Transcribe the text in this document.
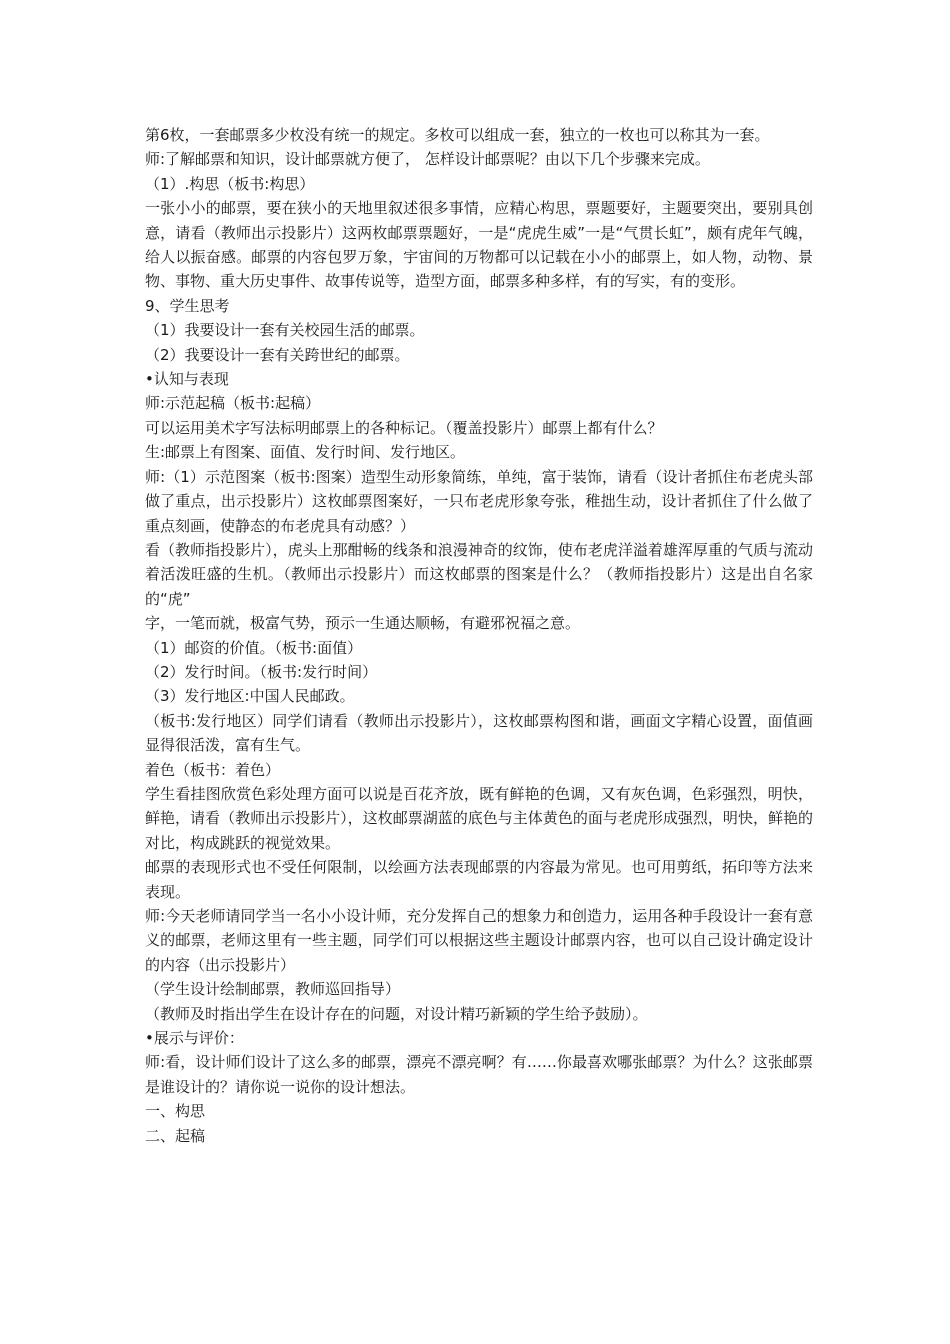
第6枚，一套邮票多少枚没有统一的规定。多枚可以组成一套，独立的一枚也可以称其为一套。

师:了解邮票和知识，设计邮票就方便了， 怎样设计邮票呢？由以下几个步骤来完成。

（1）.构思（板书:构思）

一张小小的邮票，要在狭小的天地里叙述很多事情，应精心构思，票题要好，主题要突出，要别具创意，请看（教师出示投影片）这两枚邮票票题好，一是“虎虎生威”一是“气贯长虹”，颇有虎年气魄，给人以振奋感。邮票的内容包罗万象，宇宙间的万物都可以记载在小小的邮票上，如人物，动物、景物、事物、重大历史事件、故事传说等，造型方面，邮票多种多样，有的写实，有的变形。

9、学生思考

（1）我要设计一套有关校园生活的邮票。

（2）我要设计一套有关跨世纪的邮票。

•认知与表现

师:示范起稿（板书:起稿）

可以运用美术字写法标明邮票上的各种标记。（覆盖投影片）邮票上都有什么？

生:邮票上有图案、面值、发行时间、发行地区。

师:（1）示范图案（板书:图案）造型生动形象简练，单纯，富于装饰，请看（设计者抓住布老虎头部做了重点，出示投影片）这枚邮票图案好，一只布老虎形象夸张，稚拙生动，设计者抓住了什么做了重点刻画，使静态的布老虎具有动感？）

看（教师指投影片），虎头上那酣畅的线条和浪漫神奇的纹饰，使布老虎洋溢着雄浑厚重的气质与流动着活泼旺盛的生机。（教师出示投影片）而这枚邮票的图案是什么？（教师指投影片）这是出自名家的“虎”

字，一笔而就，极富气势，预示一生通达顺畅，有避邪祝福之意。

（1）邮资的价值。（板书:面值）

（2）发行时间。（板书:发行时间）

（3）发行地区:中国人民邮政。

（板书:发行地区）同学们请看（教师出示投影片），这枚邮票构图和谐，画面文字精心设置，面值画显得很活泼，富有生气。

着色（板书：着色）

学生看挂图欣赏色彩处理方面可以说是百花齐放，既有鲜艳的色调，又有灰色调，色彩强烈，明快，鲜艳，请看（教师出示投影片），这枚邮票湖蓝的底色与主体黄色的面与老虎形成强烈，明快，鲜艳的对比，构成跳跃的视觉效果。

邮票的表现形式也不受任何限制，以绘画方法表现邮票的内容最为常见。也可用剪纸，拓印等方法来表现。

师:今天老师请同学当一名小小设计师，充分发挥自己的想象力和创造力，运用各种手段设计一套有意义的邮票，老师这里有一些主题，同学们可以根据这些主题设计邮票内容，也可以自己设计确定设计的内容（出示投影片）

（学生设计绘制邮票，教师巡回指导）

（教师及时指出学生在设计存在的问题，对设计精巧新颖的学生给予鼓励）。

•展示与评价：

师:看，设计师们设计了这么多的邮票，漂亮不漂亮啊？有……你最喜欢哪张邮票？为什么？这张邮票是谁设计的？请你说一说你的设计想法。

一、构思

二、起稿
